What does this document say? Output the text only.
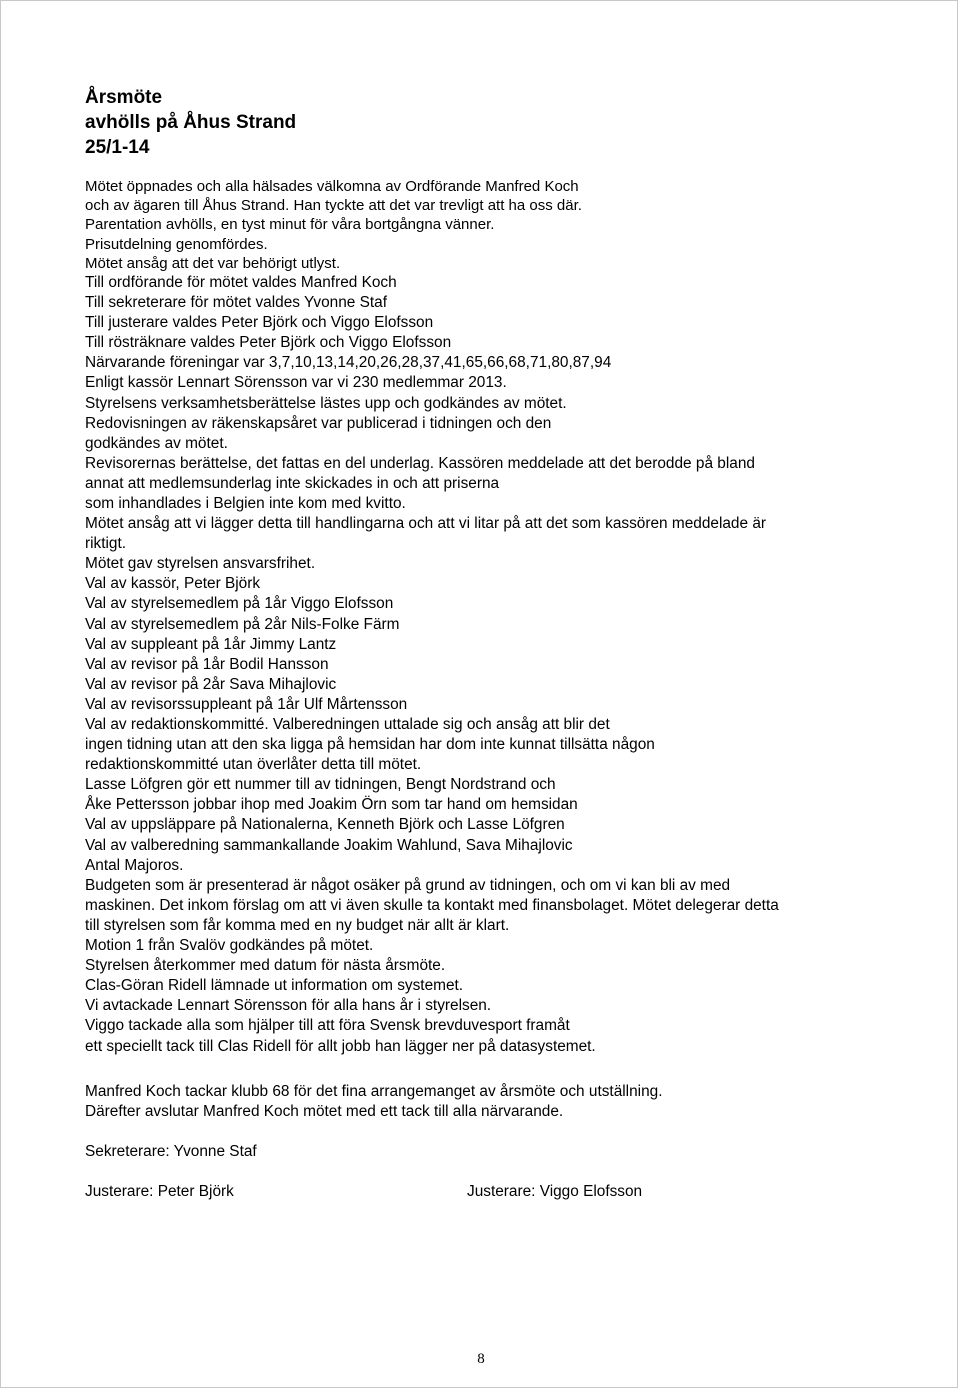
Årsmöte
avhölls på Åhus Strand
25/1-14
Mötet öppnades och alla hälsades välkomna av Ordförande Manfred Koch
och av ägaren till Åhus Strand. Han tyckte att det var trevligt att ha oss där.
Parentation avhölls, en tyst minut för våra bortgångna vänner.
Prisutdelning genomfördes.
Mötet ansåg att det var behörigt utlyst.
Till ordförande för mötet valdes Manfred Koch
Till sekreterare för mötet valdes Yvonne Staf
Till justerare valdes Peter Björk och Viggo Elofsson
Till rösträknare valdes Peter Björk och Viggo Elofsson
Närvarande föreningar var 3,7,10,13,14,20,26,28,37,41,65,66,68,71,80,87,94
Enligt kassör Lennart Sörensson var vi 230 medlemmar 2013.
Styrelsens verksamhetsberättelse lästes upp och godkändes av mötet.
Redovisningen av räkenskapsåret var publicerad i tidningen och den
godkändes av mötet.
Revisorernas berättelse, det fattas en del underlag. Kassören meddelade att det berodde på bland
annat att medlemsunderlag inte skickades in och att priserna
som inhandlades i Belgien inte kom med kvitto.
Mötet ansåg att vi lägger detta till handlingarna och att vi litar på att det som kassören meddelade är
riktigt.
Mötet gav styrelsen ansvarsfrihet.
Val av kassör, Peter Björk
Val av styrelsemedlem på 1år Viggo Elofsson
Val av styrelsemedlem på 2år Nils-Folke Färm
Val av suppleant på 1år Jimmy Lantz
Val av revisor på 1år Bodil Hansson
Val av revisor på 2år Sava Mihajlovic
Val av revisorssuppleant på 1år Ulf Mårtensson
Val av redaktionskommitté. Valberedningen uttalade sig och ansåg att blir det
ingen tidning utan att den ska ligga på hemsidan har dom inte kunnat tillsätta någon
redaktionskommitté utan överlåter detta till mötet.
Lasse Löfgren gör ett nummer till av tidningen, Bengt Nordstrand och
Åke Pettersson jobbar ihop med Joakim Örn som tar hand om hemsidan
Val av uppsläppare på Nationalerna, Kenneth Björk och Lasse Löfgren
Val av valberedning sammankallande Joakim Wahlund, Sava Mihajlovic
Antal Majoros.
Budgeten som är presenterad är något osäker på grund av tidningen, och om vi kan bli av med
maskinen. Det inkom förslag om att vi även skulle ta kontakt med finansbolaget. Mötet delegerar detta
till styrelsen som får komma med en ny budget när allt är klart.
Motion 1 från Svalöv godkändes på mötet.
Styrelsen återkommer med datum för nästa årsmöte.
Clas-Göran Ridell lämnade ut information om systemet.
Vi avtackade Lennart Sörensson för alla hans år i styrelsen.
Viggo tackade alla som hjälper till att föra Svensk brevduvesport framåt
ett speciellt tack till Clas Ridell för allt jobb han lägger ner på datasystemet.
Manfred Koch tackar klubb 68 för det fina arrangemanget av årsmöte och utställning.
Därefter avslutar Manfred Koch mötet med ett tack till alla närvarande.
Sekreterare: Yvonne Staf
Justerare: Peter Björk	Justerare: Viggo Elofsson
8
